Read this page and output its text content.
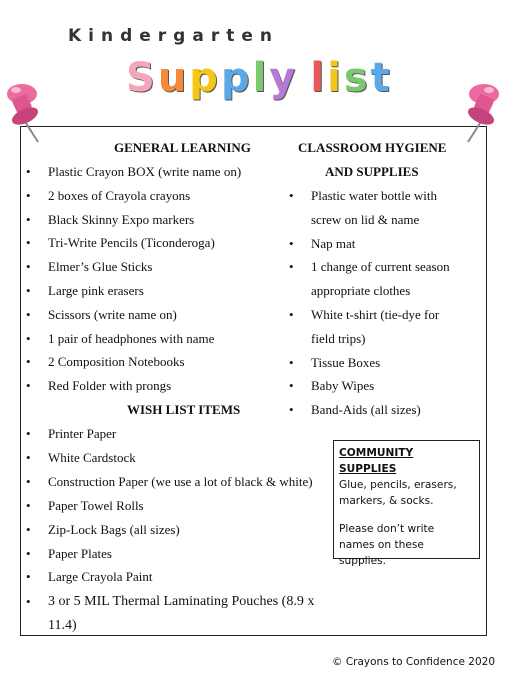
Kindergarten
Supply list
GENERAL LEARNING
• Plastic Crayon BOX (write name on)
• 2 boxes of Crayola crayons
• Black Skinny Expo markers
• Tri-Write Pencils (Ticonderoga)
• Elmer’s Glue Sticks
• Large pink erasers
• Scissors (write name on)
• 1 pair of headphones with name
• 2 Composition Notebooks
• Red Folder with prongs
WISH LIST ITEMS
• Printer Paper
• White Cardstock
• Construction Paper (we use a lot of black & white)
• Paper Towel Rolls
• Zip-Lock Bags (all sizes)
• Paper Plates
• Large Crayola Paint
• 3 or 5 MIL Thermal Laminating Pouches (8.9 x
11.4)
CLASSROOM HYGIENE
AND SUPPLIES
• Plastic water bottle with
screw on lid & name
• Nap mat
• 1 change of current season
appropriate clothes
• White t-shirt (tie-dye for
field trips)
• Tissue Boxes
• Baby Wipes
• Band-Aids (all sizes)
COMMUNITY SUPPLIES
Glue, pencils, erasers,
markers, & socks.
Please don’t write
names on these
supplies.
© Crayons to Confidence 2020
